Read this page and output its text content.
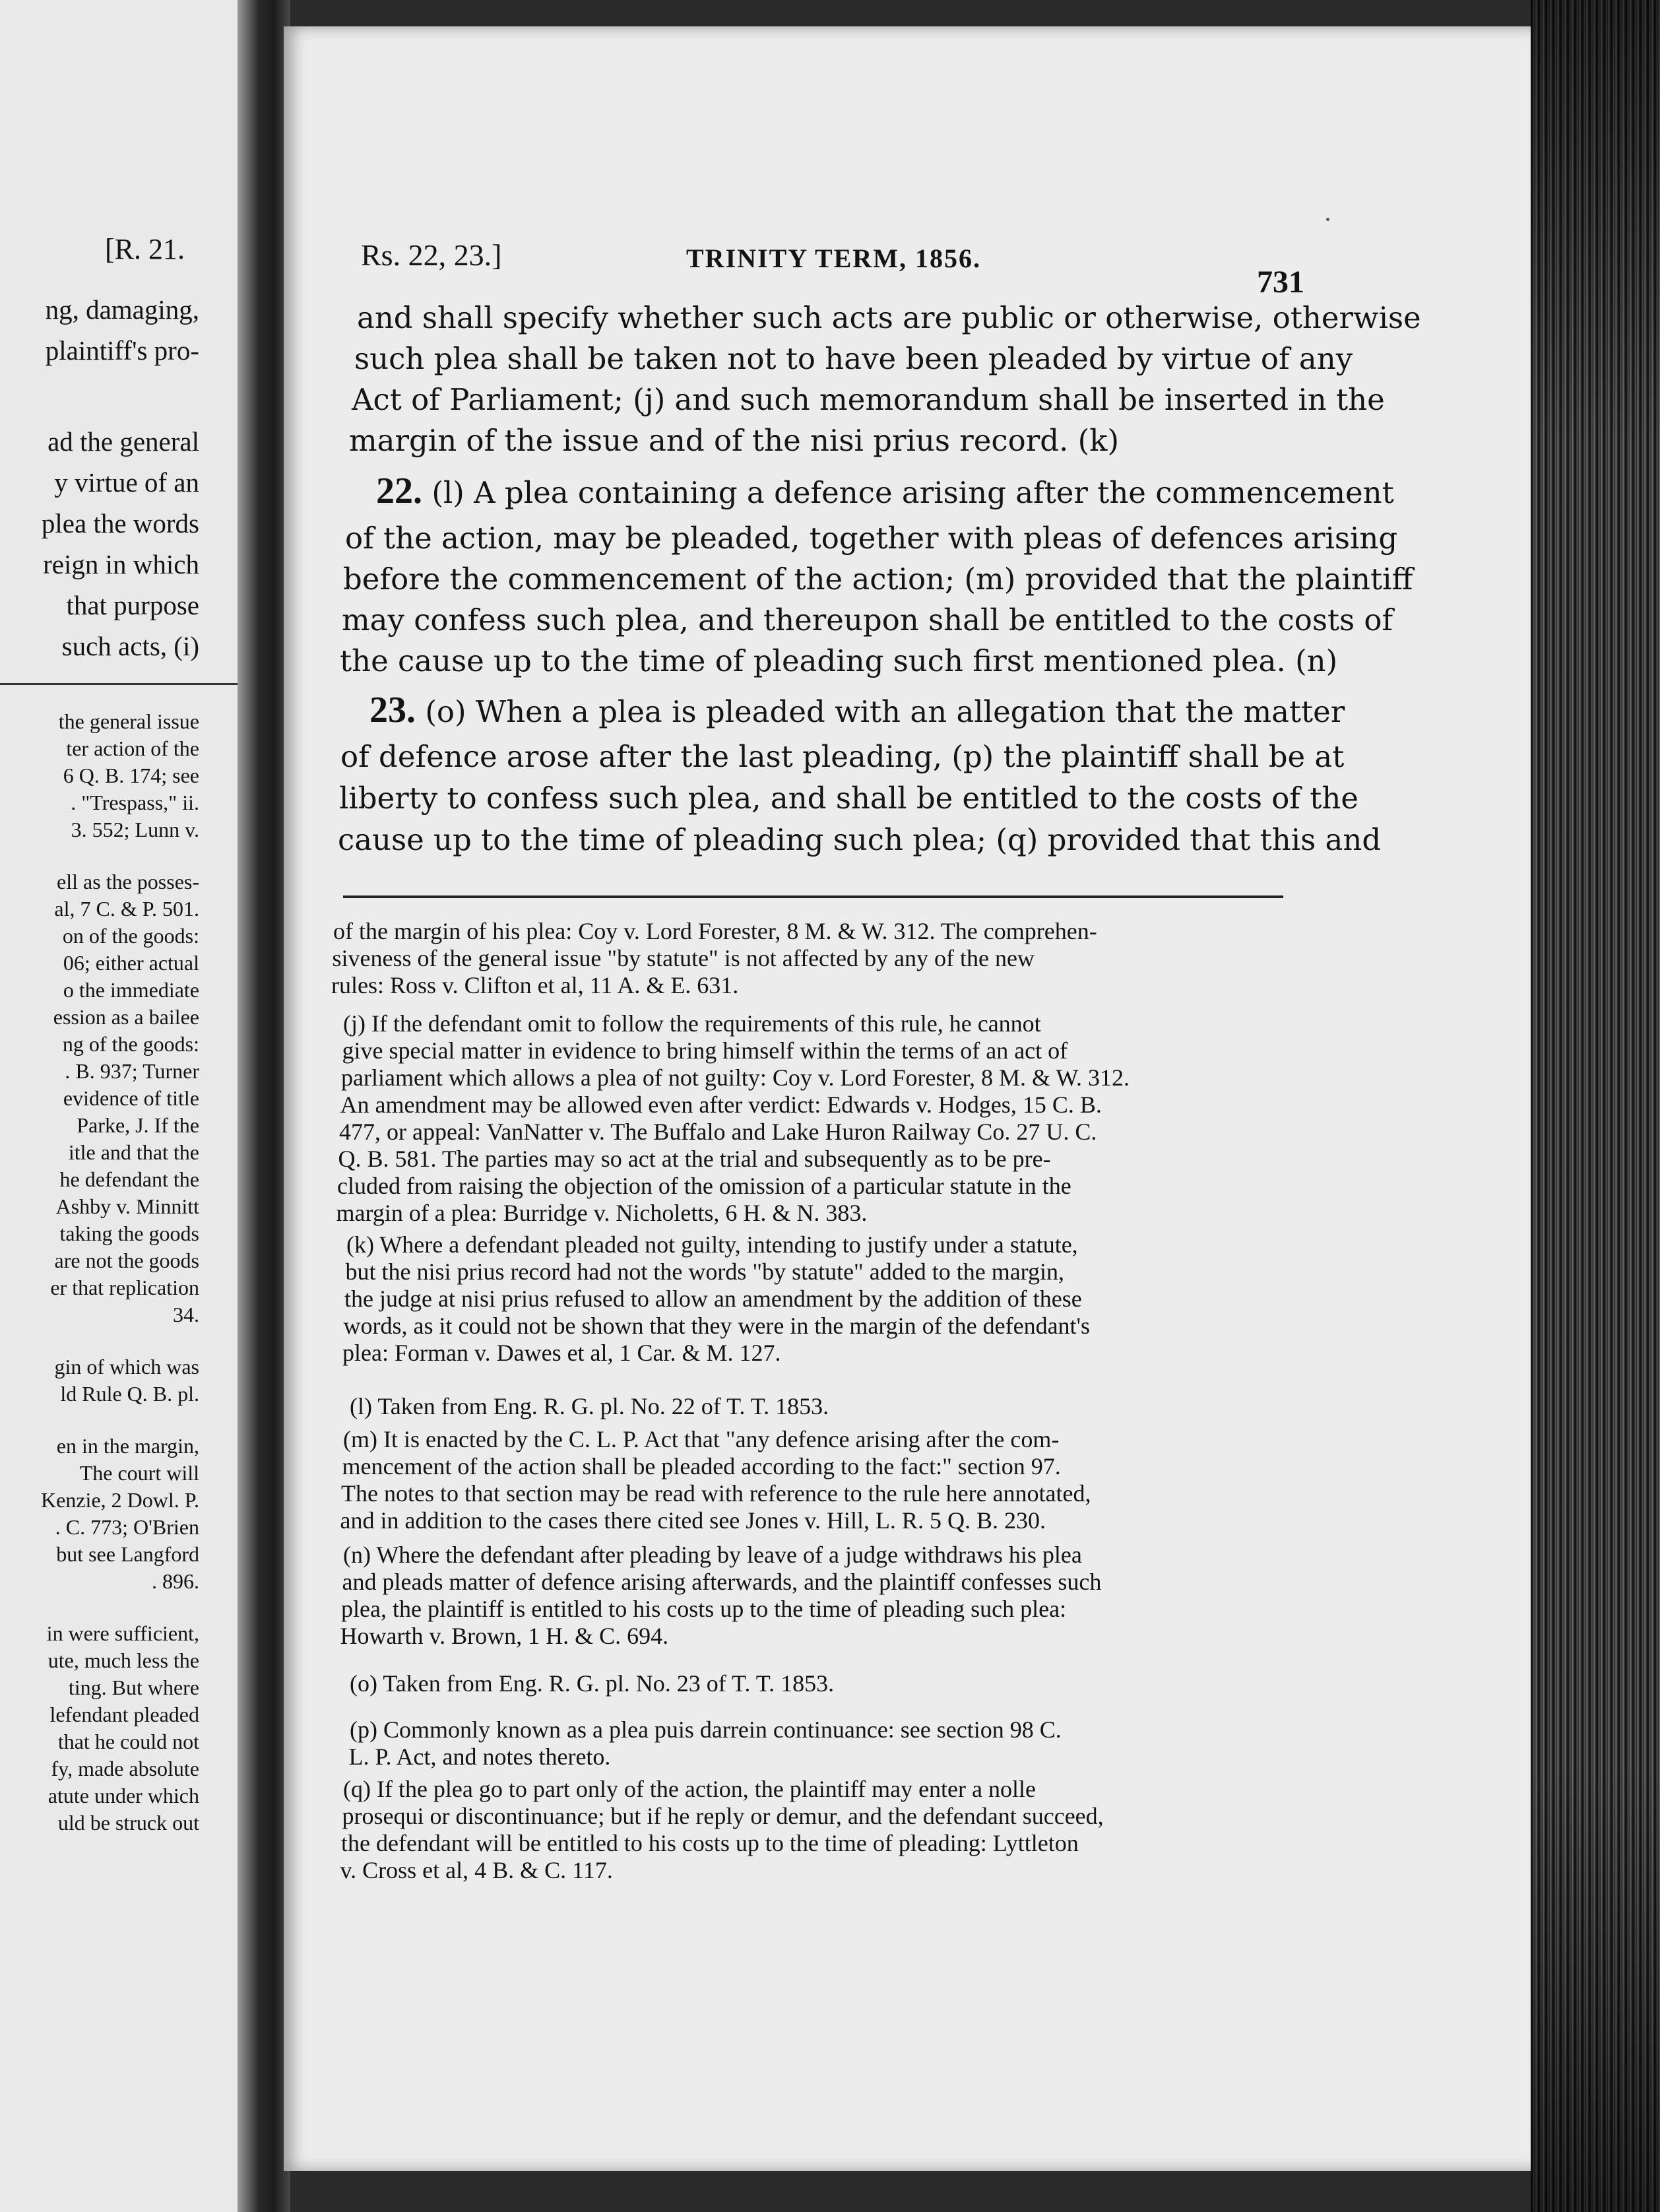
[R. 21.
ng, damaging,
plaintiff's pro-
ad the general
y virtue of an
plea the words
reign in which
that purpose
such acts, (i)
the general issue
ter action of the
6 Q. B. 174; see
. "Trespass," ii.
3. 552; Lunn v.
ell as the posses-
al, 7 C. & P. 501.
on of the goods:
06; either actual
o the immediate
ession as a bailee
ng of the goods:
. B. 937; Turner
evidence of title
Parke, J. If the
itle and that the
he defendant the
Ashby v. Minnitt
taking the goods
are not the goods
er that replication
34.
gin of which was
ld Rule Q. B. pl.
en in the margin,
The court will
Kenzie, 2 Dowl. P.
. C. 773; O'Brien
but see Langford
. 896.
in were sufficient,
ute, much less the
ting. But where
lefendant pleaded
that he could not
fy, made absolute
atute under which
uld be struck out
Rs. 22, 23.]	TRINITY TERM, 1856.
731
and shall specify whether such acts are public or otherwise, otherwise
such plea shall be taken not to have been pleaded by virtue of any
Act of Parliament; (j) and such memorandum shall be inserted in the
margin of the issue and of the nisi prius record. (k)
22. (l) A plea containing a defence arising after the commencement
of the action, may be pleaded, together with pleas of defences arising
before the commencement of the action; (m) provided that the plaintiff
may confess such plea, and thereupon shall be entitled to the costs of
the cause up to the time of pleading such first mentioned plea. (n)
23. (o) When a plea is pleaded with an allegation that the matter
of defence arose after the last pleading, (p) the plaintiff shall be at
liberty to confess such plea, and shall be entitled to the costs of the
cause up to the time of pleading such plea; (q) provided that this and
of the margin of his plea: Coy v. Lord Forester, 8 M. & W. 312. The comprehen-
siveness of the general issue "by statute" is not affected by any of the new
rules: Ross v. Clifton et al, 11 A. & E. 631.
(j) If the defendant omit to follow the requirements of this rule, he cannot
give special matter in evidence to bring himself within the terms of an act of
parliament which allows a plea of not guilty: Coy v. Lord Forester, 8 M. & W. 312.
An amendment may be allowed even after verdict: Edwards v. Hodges, 15 C. B.
477, or appeal: VanNatter v. The Buffalo and Lake Huron Railway Co. 27 U. C.
Q. B. 581. The parties may so act at the trial and subsequently as to be pre-
cluded from raising the objection of the omission of a particular statute in the
margin of a plea: Burridge v. Nicholetts, 6 H. & N. 383.
(k) Where a defendant pleaded not guilty, intending to justify under a statute,
but the nisi prius record had not the words "by statute" added to the margin,
the judge at nisi prius refused to allow an amendment by the addition of these
words, as it could not be shown that they were in the margin of the defendant's
plea: Forman v. Dawes et al, 1 Car. & M. 127.
(l) Taken from Eng. R. G. pl. No. 22 of T. T. 1853.
(m) It is enacted by the C. L. P. Act that "any defence arising after the com-
mencement of the action shall be pleaded according to the fact:" section 97.
The notes to that section may be read with reference to the rule here annotated,
and in addition to the cases there cited see Jones v. Hill, L. R. 5 Q. B. 230.
(n) Where the defendant after pleading by leave of a judge withdraws his plea
and pleads matter of defence arising afterwards, and the plaintiff confesses such
plea, the plaintiff is entitled to his costs up to the time of pleading such plea:
Howarth v. Brown, 1 H. & C. 694.
(o) Taken from Eng. R. G. pl. No. 23 of T. T. 1853.
(p) Commonly known as a plea puis darrein continuance: see section 98 C.
L. P. Act, and notes thereto.
(q) If the plea go to part only of the action, the plaintiff may enter a nolle
prosequi or discontinuance; but if he reply or demur, and the defendant succeed,
the defendant will be entitled to his costs up to the time of pleading: Lyttleton
v. Cross et al, 4 B. & C. 117.
